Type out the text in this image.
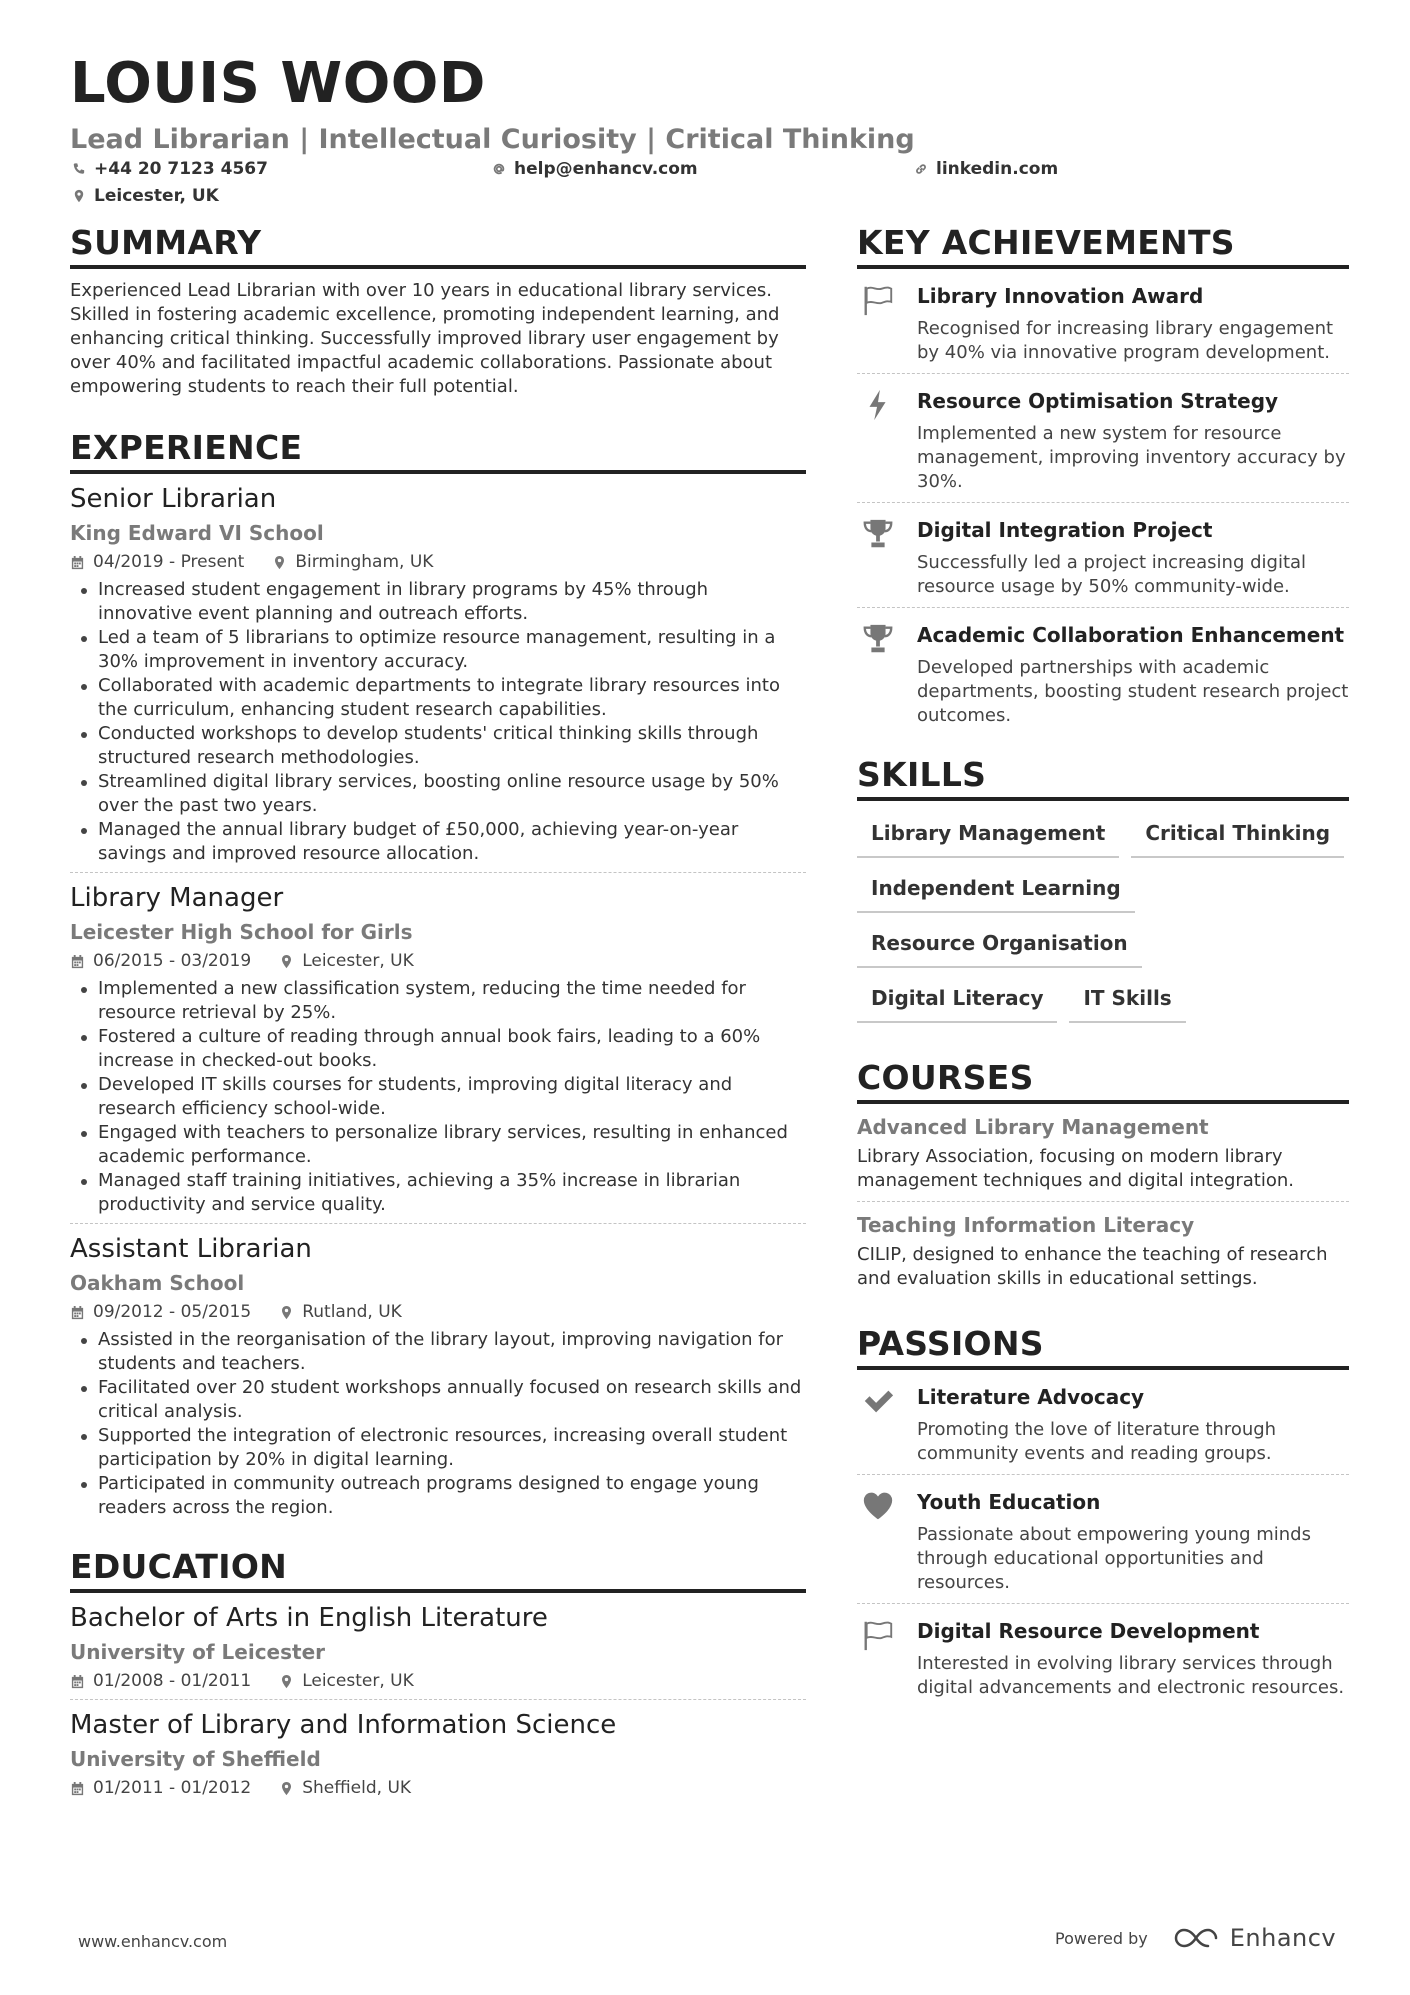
LOUIS WOOD
Lead Librarian | Intellectual Curiosity | Critical Thinking
+44 20 7123 4567	help@enhancv.com	linkedin.com
Leicester, UK
SUMMARY

Experienced Lead Librarian with over 10 years in educational library services. Skilled in fostering academic excellence, promoting independent learning, and enhancing critical thinking. Successfully improved library user engagement by over 40% and facilitated impactful academic collaborations. Passionate about empowering students to reach their full potential.

EXPERIENCE
Senior Librarian
King Edward VI School
04/2019 - Present	Birmingham, UK
Increased student engagement in library programs by 45% through innovative event planning and outreach efforts.
Led a team of 5 librarians to optimize resource management, resulting in a 30% improvement in inventory accuracy.
Collaborated with academic departments to integrate library resources into the curriculum, enhancing student research capabilities.
Conducted workshops to develop students' critical thinking skills through structured research methodologies.
Streamlined digital library services, boosting online resource usage by 50% over the past two years.
Managed the annual library budget of £50,000, achieving year-on-year savings and improved resource allocation.
Library Manager
Leicester High School for Girls
06/2015 - 03/2019	Leicester, UK
Implemented a new classification system, reducing the time needed for resource retrieval by 25%.
Fostered a culture of reading through annual book fairs, leading to a 60% increase in checked-out books.
Developed IT skills courses for students, improving digital literacy and research efficiency school-wide.
Engaged with teachers to personalize library services, resulting in enhanced academic performance.
Managed staff training initiatives, achieving a 35% increase in librarian productivity and service quality.
Assistant Librarian
Oakham School
09/2012 - 05/2015	Rutland, UK
Assisted in the reorganisation of the library layout, improving navigation for students and teachers.
Facilitated over 20 student workshops annually focused on research skills and critical analysis.
Supported the integration of electronic resources, increasing overall student participation by 20% in digital learning.
Participated in community outreach programs designed to engage young readers across the region.
EDUCATION
Bachelor of Arts in English Literature
University of Leicester
01/2008 - 01/2011	Leicester, UK
Master of Library and Information Science
University of Sheffield
01/2011 - 01/2012	Sheffield, UK
KEY ACHIEVEMENTS
Library Innovation Award
Recognised for increasing library engagement by 40% via innovative program development.
Resource Optimisation Strategy
Implemented a new system for resource management, improving inventory accuracy by 30%.
Digital Integration Project
Successfully led a project increasing digital resource usage by 50% community-wide.
Academic Collaboration Enhancement
Developed partnerships with academic departments, boosting student research project outcomes.
SKILLS
Library Management	Critical Thinking
Independent Learning
Resource Organisation
Digital Literacy	IT Skills
COURSES
Advanced Library Management
Library Association, focusing on modern library management techniques and digital integration.
Teaching Information Literacy
CILIP, designed to enhance the teaching of research and evaluation skills in educational settings.
PASSIONS
Literature Advocacy
Promoting the love of literature through community events and reading groups.
Youth Education
Passionate about empowering young minds through educational opportunities and resources.
Digital Resource Development
Interested in evolving library services through digital advancements and electronic resources.
www.enhancv.com	Powered by	Enhancv
